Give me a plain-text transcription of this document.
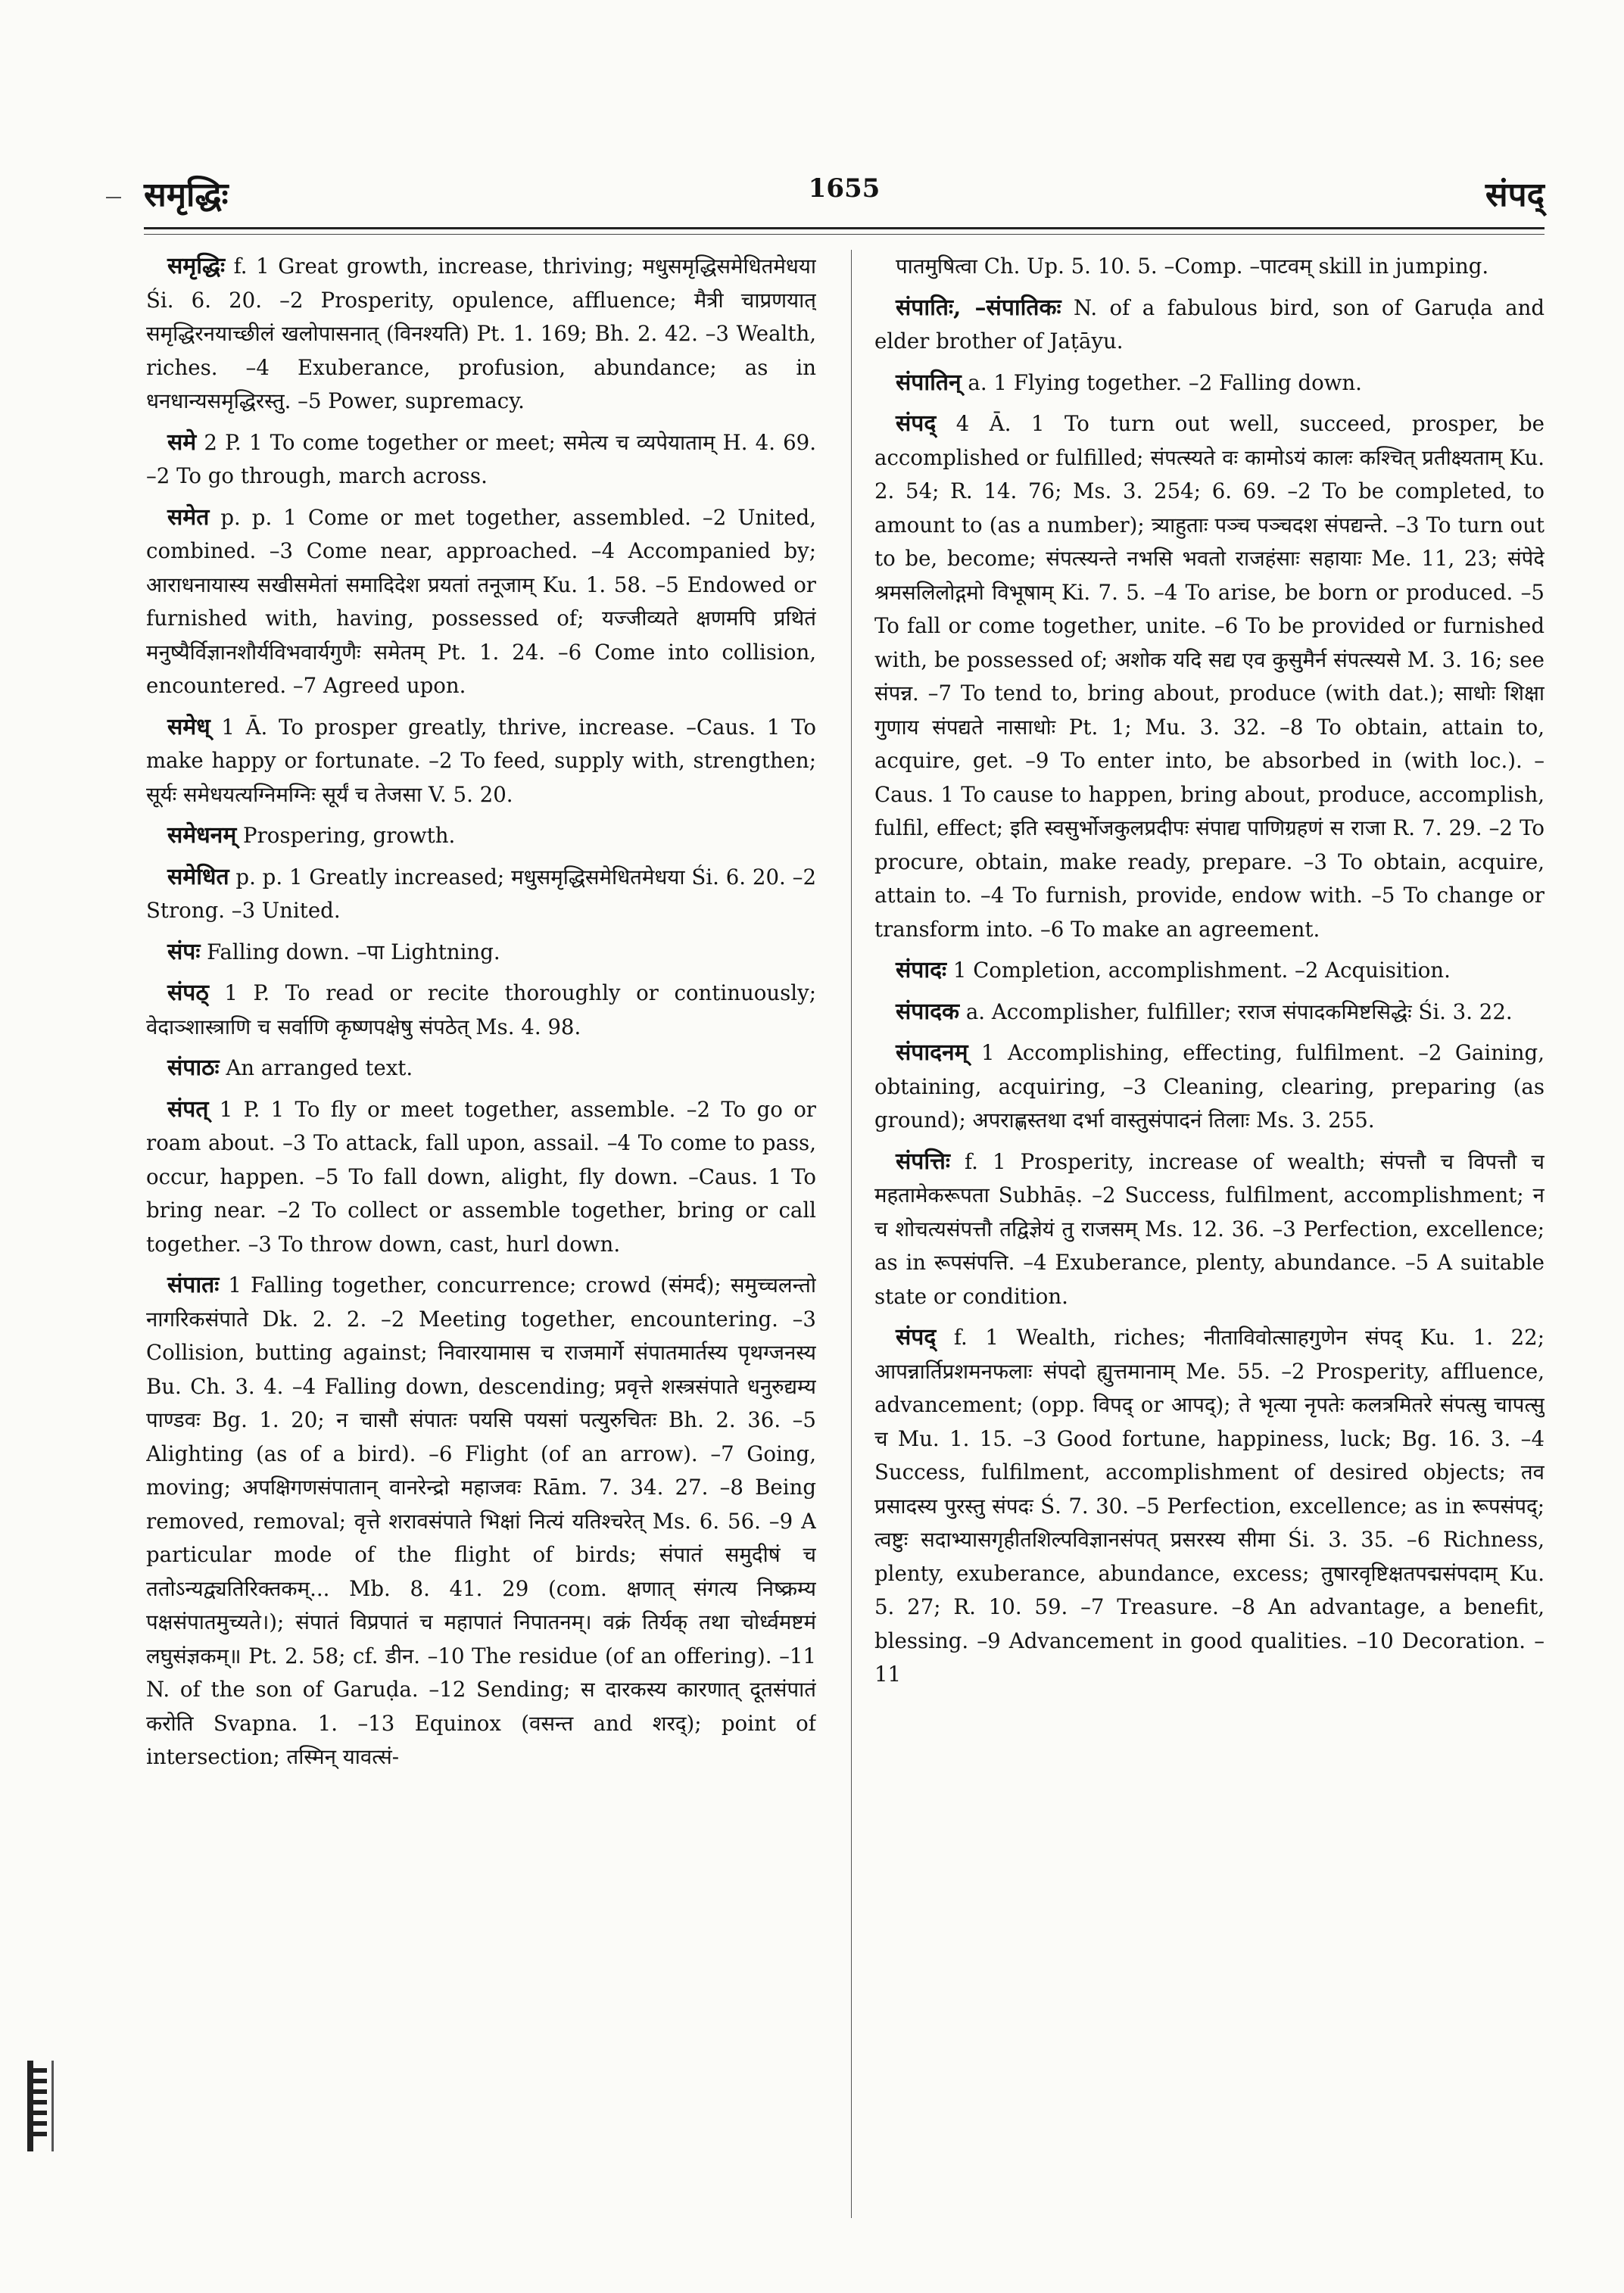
समृद्धिः	1655	संपद्

समृद्धिः f. 1 Great growth, increase, thriving; मधुसमृद्धिसमेधितमेधया Śi. 6. 20. –2 Prosperity, opulence, affluence; मैत्री चाप्रणयात् समृद्धिरनयाच्छीलं खलोपासनात् (विनश्यति) Pt. 1. 169; Bh. 2. 42. –3 Wealth, riches. –4 Exuberance, profusion, abundance; as in धनधान्यसमृद्धिरस्तु. –5 Power, supremacy.

समे 2 P. 1 To come together or meet; समेत्य च व्यपेयाताम् H. 4. 69. –2 To go through, march across.

समेत p. p. 1 Come or met together, assembled. –2 United, combined. –3 Come near, approached. –4 Accompanied by; आराधनायास्य सखीसमेतां समादिदेश प्रयतां तनूजाम् Ku. 1. 58. –5 Endowed or furnished with, having, possessed of; यज्जीव्यते क्षणमपि प्रथितं मनुष्यैर्विज्ञानशौर्यविभवार्यगुणैः समेतम् Pt. 1. 24. –6 Come into collision, encountered. –7 Agreed upon.

समेध् 1 Ā. To prosper greatly, thrive, increase. –Caus. 1 To make happy or fortunate. –2 To feed, supply with, strengthen; सूर्यः समेधयत्यग्निमग्निः सूर्यं च तेजसा V. 5. 20.

समेधनम् Prospering, growth.

समेधित p. p. 1 Greatly increased; मधुसमृद्धिसमेधितमेधया Śi. 6. 20. –2 Strong. –3 United.

संपः Falling down. –पा Lightning.

संपठ् 1 P. To read or recite thoroughly or continuously; वेदाञ्शास्त्राणि च सर्वाणि कृष्णपक्षेषु संपठेत् Ms. 4. 98.

संपाठः An arranged text.

संपत् 1 P. 1 To fly or meet together, assemble. –2 To go or roam about. –3 To attack, fall upon, assail. –4 To come to pass, occur, happen. –5 To fall down, alight, fly down. –Caus. 1 To bring near. –2 To collect or assemble together, bring or call together. –3 To throw down, cast, hurl down.

संपातः 1 Falling together, concurrence; crowd (संमर्द); समुच्चलन्तो नागरिकसंपाते Dk. 2. 2. –2 Meeting together, encountering. –3 Collision, butting against; निवारयामास च राजमार्गे संपातमार्तस्य पृथग्जनस्य Bu. Ch. 3. 4. –4 Falling down, descending; प्रवृत्ते शस्त्रसंपाते धनुरुद्यम्य पाण्डवः Bg. 1. 20; न चासौ संपातः पयसि पयसां पत्युरुचितः Bh. 2. 36. –5 Alighting (as of a bird). –6 Flight (of an arrow). –7 Going, moving; अपक्षिगणसंपातान् वानरेन्द्रो महाजवः Rām. 7. 34. 27. –8 Being removed, removal; वृत्ते शरावसंपाते भिक्षां नित्यं यतिश्चरेत् Ms. 6. 56. –9 A particular mode of the flight of birds; संपातं समुदीषं च ततोऽन्यद्व्यतिरिक्तकम्... Mb. 8. 41. 29 (com. क्षणात् संगत्य निष्क्रम्य पक्षसंपातमुच्यते।); संपातं विप्रपातं च महापातं निपातनम्। वक्रं तिर्यक् तथा चोर्ध्वमष्टमं लघुसंज्ञकम्॥ Pt. 2. 58; cf. डीन. –10 The residue (of an offering). –11 N. of the son of Garuḍa. –12 Sending; स दारकस्य कारणात् दूतसंपातं करोति Svapna. 1. –13 Equinox (वसन्त and शरद्); point of intersection; तस्मिन् यावत्सं-

पातमुषित्वा Ch. Up. 5. 10. 5. –Comp. –पाटवम् skill in jumping.

संपातिः, –संपातिकः N. of a fabulous bird, son of Garuḍa and elder brother of Jaṭāyu.

संपातिन् a. 1 Flying together. –2 Falling down.

संपद् 4 Ā. 1 To turn out well, succeed, prosper, be accomplished or fulfilled; संपत्स्यते वः कामोऽयं कालः कश्चित् प्रतीक्ष्यताम् Ku. 2. 54; R. 14. 76; Ms. 3. 254; 6. 69. –2 To be completed, to amount to (as a number); त्र्याहुताः पञ्च पञ्चदश संपद्यन्ते. –3 To turn out to be, become; संपत्स्यन्ते नभसि भवतो राजहंसाः सहायाः Me. 11, 23; संपेदे श्रमसलिलोद्गमो विभूषाम् Ki. 7. 5. –4 To arise, be born or produced. –5 To fall or come together, unite. –6 To be provided or furnished with, be possessed of; अशोक यदि सद्य एव कुसुमैर्न संपत्स्यसे M. 3. 16; see संपन्न. –7 To tend to, bring about, produce (with dat.); साधोः शिक्षा गुणाय संपद्यते नासाधोः Pt. 1; Mu. 3. 32. –8 To obtain, attain to, acquire, get. –9 To enter into, be absorbed in (with loc.). –Caus. 1 To cause to happen, bring about, produce, accomplish, fulfil, effect; इति स्वसुर्भोजकुलप्रदीपः संपाद्य पाणिग्रहणं स राजा R. 7. 29. –2 To procure, obtain, make ready, prepare. –3 To obtain, acquire, attain to. –4 To furnish, provide, endow with. –5 To change or transform into. –6 To make an agreement.

संपादः 1 Completion, accomplishment. –2 Acquisition.

संपादक a. Accomplisher, fulfiller; रराज संपादकमिष्टसिद्धेः Śi. 3. 22.

संपादनम् 1 Accomplishing, effecting, fulfilment. –2 Gaining, obtaining, acquiring, –3 Cleaning, clearing, preparing (as ground); अपराह्णस्तथा दर्भा वास्तुसंपादनं तिलाः Ms. 3. 255.

संपत्तिः f. 1 Prosperity, increase of wealth; संपत्तौ च विपत्तौ च महतामेकरूपता Subhāṣ. –2 Success, fulfilment, accomplishment; न च शोचत्यसंपत्तौ तद्विज्ञेयं तु राजसम् Ms. 12. 36. –3 Perfection, excellence; as in रूपसंपत्ति. –4 Exuberance, plenty, abundance. –5 A suitable state or condition.

संपद् f. 1 Wealth, riches; नीताविवोत्साहगुणेन संपद् Ku. 1. 22; आपन्नार्तिप्रशमनफलाः संपदो ह्युत्तमानाम् Me. 55. –2 Prosperity, affluence, advancement; (opp. विपद् or आपद्); ते भृत्या नृपतेः कलत्रमितरे संपत्सु चापत्सु च Mu. 1. 15. –3 Good fortune, happiness, luck; Bg. 16. 3. –4 Success, fulfilment, accomplishment of desired objects; तव प्रसादस्य पुरस्तु संपदः Ś. 7. 30. –5 Perfection, excellence; as in रूपसंपद्; त्वष्टुः सदाभ्यासगृहीतशिल्पविज्ञानसंपत् प्रसरस्य सीमा Śi. 3. 35. –6 Richness, plenty, exuberance, abundance, excess; तुषारवृष्टिक्षतपद्मसंपदाम् Ku. 5. 27; R. 10. 59. –7 Treasure. –8 An advantage, a benefit, blessing. –9 Advancement in good qualities. –10 Decoration. –11
